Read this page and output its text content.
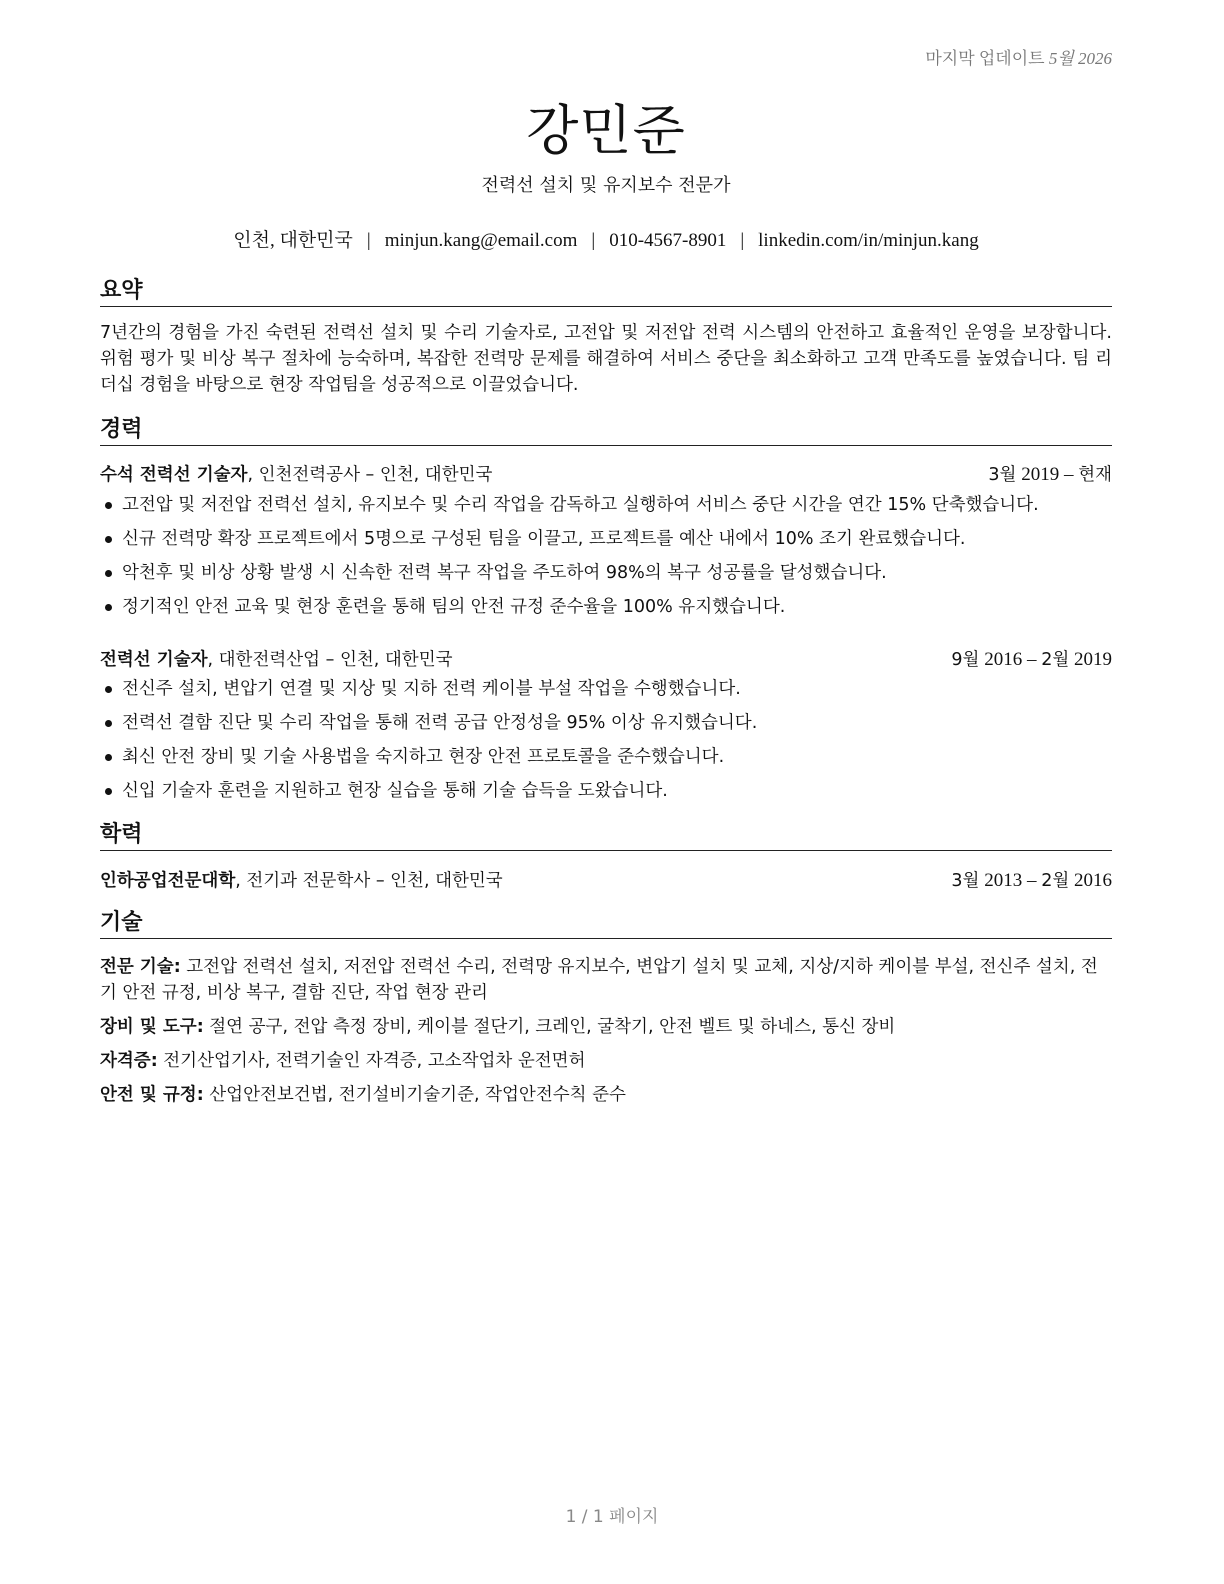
마지막 업데이트 5월 2026
강민준
전력선 설치 및 유지보수 전문가
인천, 대한민국 | minjun.kang@email.com | 010-4567-8901 | linkedin.com/in/minjun.kang
요약
7년간의 경험을 가진 숙련된 전력선 설치 및 수리 기술자로, 고전압 및 저전압 전력 시스템의 안전하고 효율적인 운영을 보장합니다. 위험 평가 및 비상 복구 절차에 능숙하며, 복잡한 전력망 문제를 해결하여 서비스 중단을 최소화하고 고객 만족도를 높였습니다. 팀 리더십 경험을 바탕으로 현장 작업팀을 성공적으로 이끌었습니다.
경력
수석 전력선 기술자, 인천전력공사 – 인천, 대한민국	3월 2019 – 현재
고전압 및 저전압 전력선 설치, 유지보수 및 수리 작업을 감독하고 실행하여 서비스 중단 시간을 연간 15% 단축했습니다.
신규 전력망 확장 프로젝트에서 5명으로 구성된 팀을 이끌고, 프로젝트를 예산 내에서 10% 조기 완료했습니다.
악천후 및 비상 상황 발생 시 신속한 전력 복구 작업을 주도하여 98%의 복구 성공률을 달성했습니다.
정기적인 안전 교육 및 현장 훈련을 통해 팀의 안전 규정 준수율을 100% 유지했습니다.
전력선 기술자, 대한전력산업 – 인천, 대한민국	9월 2016 – 2월 2019
전신주 설치, 변압기 연결 및 지상 및 지하 전력 케이블 부설 작업을 수행했습니다.
전력선 결함 진단 및 수리 작업을 통해 전력 공급 안정성을 95% 이상 유지했습니다.
최신 안전 장비 및 기술 사용법을 숙지하고 현장 안전 프로토콜을 준수했습니다.
신입 기술자 훈련을 지원하고 현장 실습을 통해 기술 습득을 도왔습니다.
학력
인하공업전문대학, 전기과 전문학사 – 인천, 대한민국	3월 2013 – 2월 2016
기술
전문 기술: 고전압 전력선 설치, 저전압 전력선 수리, 전력망 유지보수, 변압기 설치 및 교체, 지상/지하 케이블 부설, 전신주 설치, 전기 안전 규정, 비상 복구, 결함 진단, 작업 현장 관리
장비 및 도구: 절연 공구, 전압 측정 장비, 케이블 절단기, 크레인, 굴착기, 안전 벨트 및 하네스, 통신 장비
자격증: 전기산업기사, 전력기술인 자격증, 고소작업차 운전면허
안전 및 규정: 산업안전보건법, 전기설비기술기준, 작업안전수칙 준수
1 / 1 페이지
